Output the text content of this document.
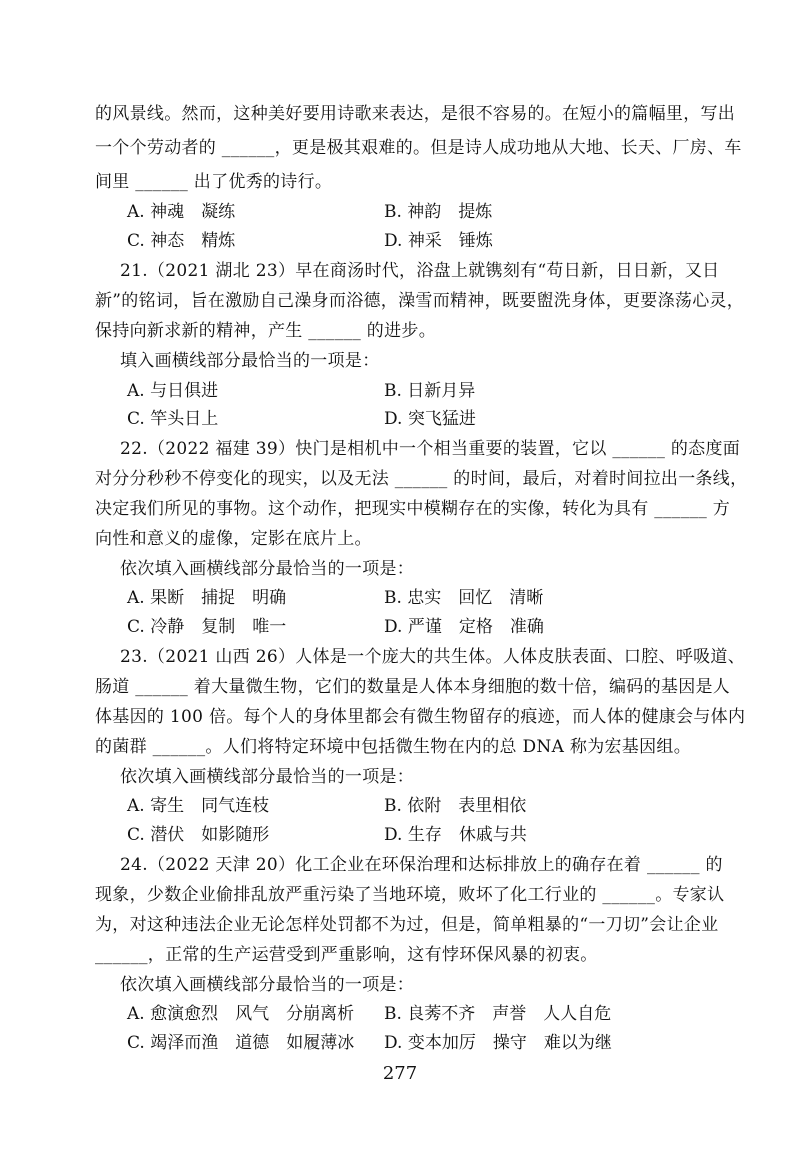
的风景线。然而，这种美好要用诗歌来表达，是很不容易的。在短小的篇幅里，写出
一个个劳动者的 ______，更是极其艰难的。但是诗人成功地从大地、长天、厂房、车
间里 ______ 出了优秀的诗行。
A. 神魂　凝练	B. 神韵　提炼
C. 神态　精炼	D. 神采　锤炼
21.（2021 湖北 23）早在商汤时代，浴盘上就镌刻有“苟日新，日日新，又日
新”的铭词，旨在激励自己澡身而浴德，澡雪而精神，既要盥洗身体，更要涤荡心灵，
保持向新求新的精神，产生 ______ 的进步。
填入画横线部分最恰当的一项是：
A. 与日俱进	B. 日新月异
C. 竿头日上	D. 突飞猛进
22.（2022 福建 39）快门是相机中一个相当重要的装置，它以 ______ 的态度面
对分分秒秒不停变化的现实，以及无法 ______ 的时间，最后，对着时间拉出一条线，
决定我们所见的事物。这个动作，把现实中模糊存在的实像，转化为具有 ______ 方
向性和意义的虚像，定影在底片上。
依次填入画横线部分最恰当的一项是：
A. 果断　捕捉　明确	B. 忠实　回忆　清晰
C. 冷静　复制　唯一	D. 严谨　定格　准确
23.（2021 山西 26）人体是一个庞大的共生体。人体皮肤表面、口腔、呼吸道、
肠道 ______ 着大量微生物，它们的数量是人体本身细胞的数十倍，编码的基因是人
体基因的 100 倍。每个人的身体里都会有微生物留存的痕迹，而人体的健康会与体内
的菌群 ______。人们将特定环境中包括微生物在内的总 DNA 称为宏基因组。
依次填入画横线部分最恰当的一项是：
A. 寄生　同气连枝	B. 依附　表里相依
C. 潜伏　如影随形	D. 生存　休戚与共
24.（2022 天津 20）化工企业在环保治理和达标排放上的确存在着 ______ 的
现象，少数企业偷排乱放严重污染了当地环境，败坏了化工行业的 ______。专家认
为，对这种违法企业无论怎样处罚都不为过，但是，简单粗暴的“一刀切”会让企业
______，正常的生产运营受到严重影响，这有悖环保风暴的初衷。
依次填入画横线部分最恰当的一项是：
A. 愈演愈烈　风气　分崩离析 B. 良莠不齐　声誉　人人自危
C. 竭泽而渔　道德　如履薄冰 D. 变本加厉　操守　难以为继
277
